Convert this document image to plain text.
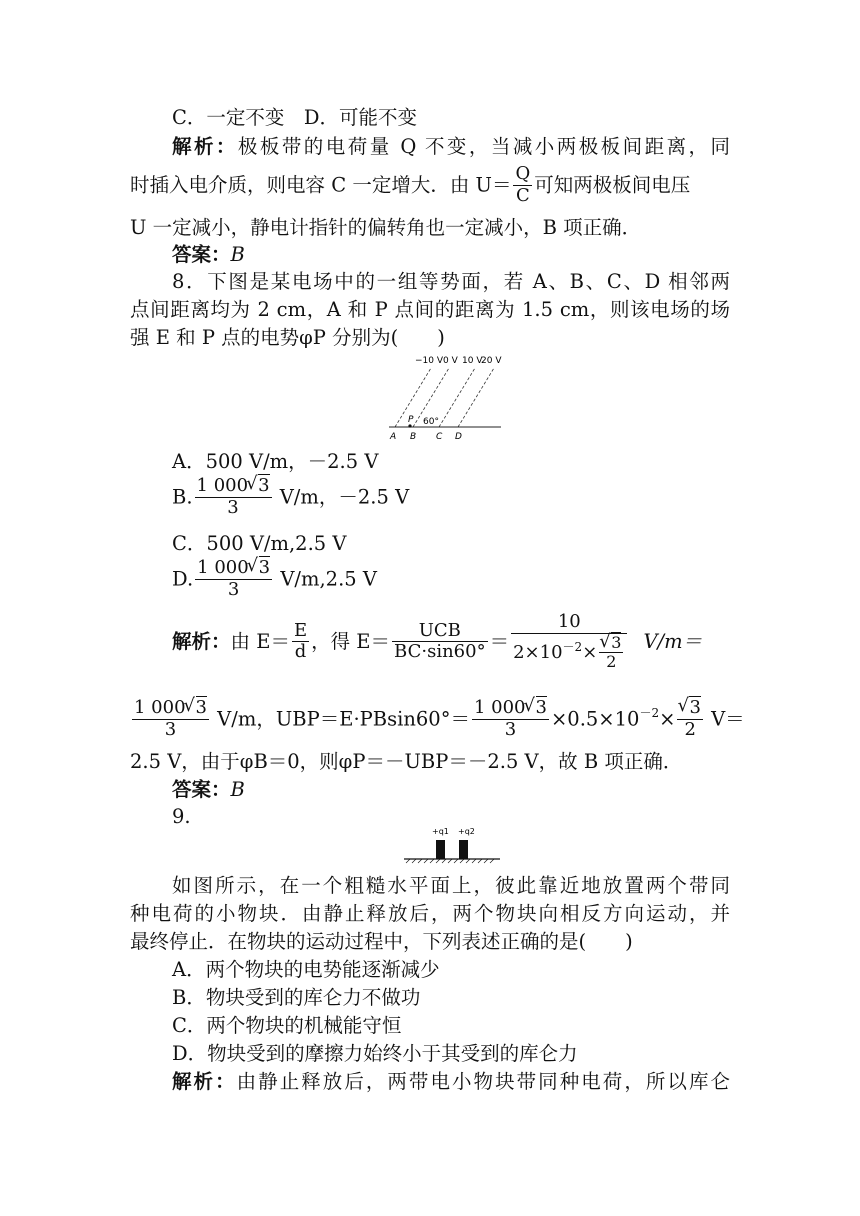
C．一定不变　D．可能不变
解析：极板带的电荷量 Q 不变，当减小两极板间距离，同
时插入电介质，则电容 C 一定增大．由 $U= \frac{Q}{C}$ 可知两极板间电压
U 一定减小，静电计指针的偏转角也一定减小，B 项正确．
答案：B
8．下图是某电场中的一组等势面，若 A、B、C、D 相邻两
点间距离均为 2 cm，A 和 P 点间的距离为 1.5 cm，则该电场的场
强 E 和 P 点的电势φP 分别为(　　)
−10 V 0 V 10 V
20 V
P 60°
A B C D
A．500 V/m，－2.5 V
B. $\frac{1 000√ 3}{3} V/m$，－2.5 V
C．500 V/m,2.5 V
D. $\frac{1 000√ 3}{3} V/m,2.5$ V
解析：由 $E= \frac{E}{d}$ ，得 $E= \frac{\text{UCB}}{BC\cdot\sin 60^\circ} = 10$
$2\times 10^{-2}\times$
√ $\frac{3}{2} V/m=$
$\frac{1 000√ 3}{3} V/m$，$UBP=E\cdot PBsin60^\circ= \frac{1 000√ 3}{3} \times 0.5\times 10^{-2}\times$
√ $\frac{3}{2} V=$
2.5 V，由于φB＝0，则φP＝－UBP＝－2.5 V，故 B 项正确．
答案：B
9.
+q1 +q2
如图所示，在一个粗糙水平面上，彼此靠近地放置两个带同
种电荷的小物块．由静止释放后，两个物块向相反方向运动，并
最终停止．在物块的运动过程中，下列表述正确的是(　　)
A．两个物块的电势能逐渐减少
B．物块受到的库仑力不做功
C．两个物块的机械能守恒
D．物块受到的摩擦力始终小于其受到的库仑力
解析：由静止释放后，两带电小物块带同种电荷，所以库仑
